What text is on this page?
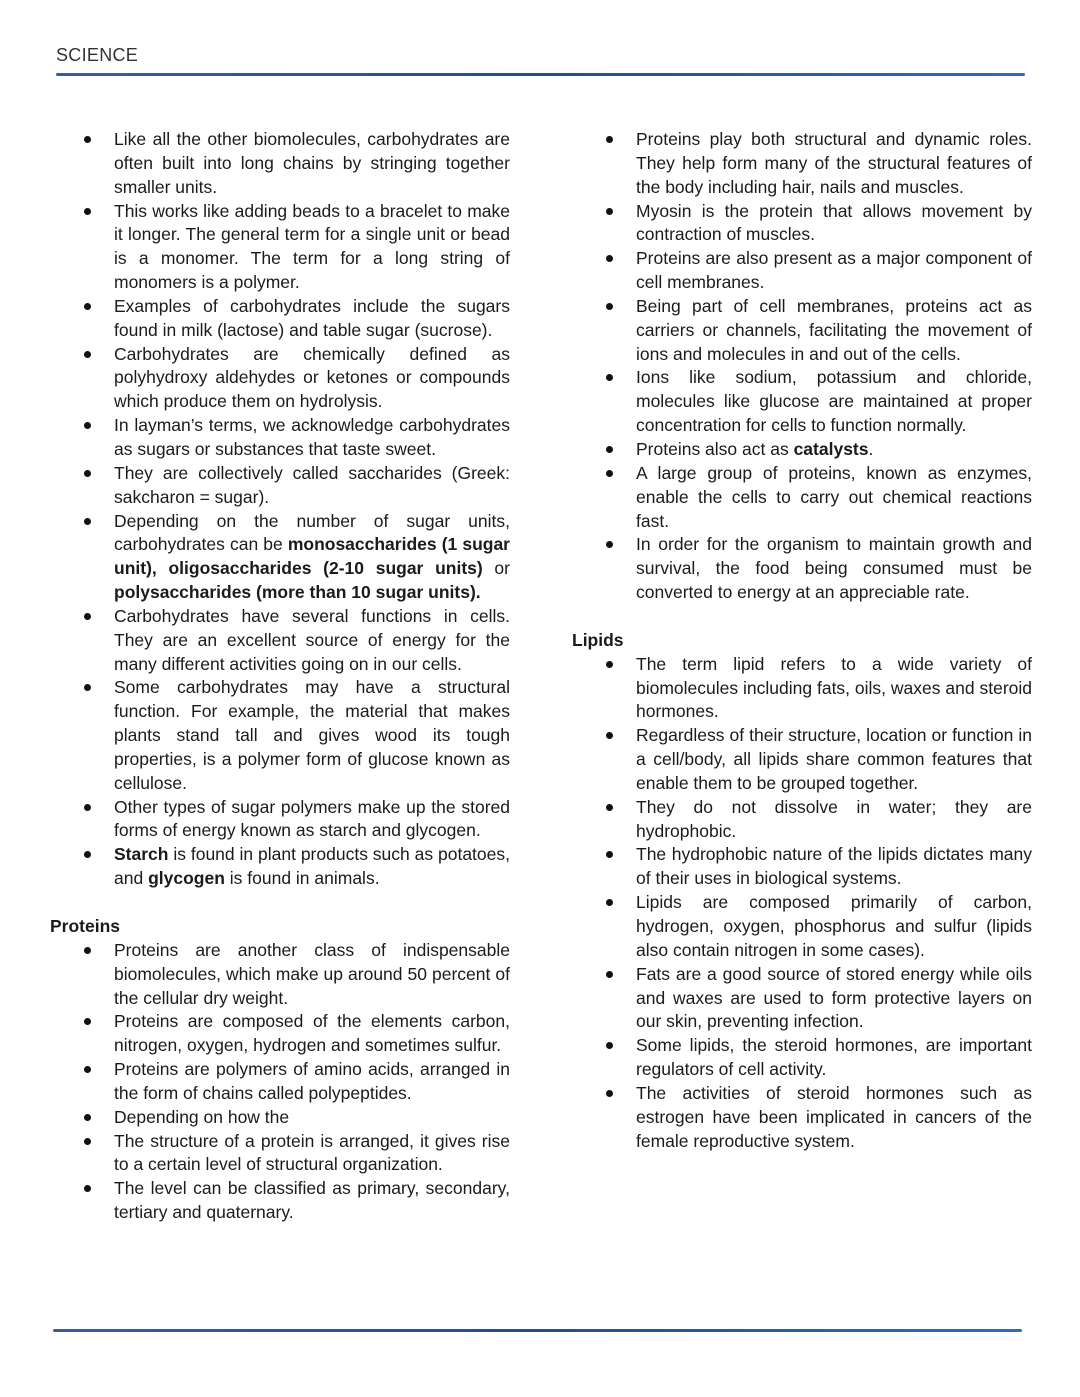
SCIENCE
Like all the other biomolecules, carbohydrates are often built into long chains by stringing together smaller units.
This works like adding beads to a bracelet to make it longer. The general term for a single unit or bead is a monomer. The term for a long string of monomers is a polymer.
Examples of carbohydrates include the sugars found in milk (lactose) and table sugar (sucrose).
Carbohydrates are chemically defined as polyhydroxy aldehydes or ketones or compounds which produce them on hydrolysis.
In layman’s terms, we acknowledge carbohydrates as sugars or substances that taste sweet.
They are collectively called saccharides (Greek: sakcharon = sugar).
Depending on the number of sugar units, carbohydrates can be monosaccharides (1 sugar unit), oligosaccharides (2-10 sugar units) or polysaccharides (more than 10 sugar units).
Carbohydrates have several functions in cells. They are an excellent source of energy for the many different activities going on in our cells.
Some carbohydrates may have a structural function. For example, the material that makes plants stand tall and gives wood its tough properties, is a polymer form of glucose known as cellulose.
Other types of sugar polymers make up the stored forms of energy known as starch and glycogen.
Starch is found in plant products such as potatoes, and glycogen is found in animals.
Proteins
Proteins are another class of indispensable biomolecules, which make up around 50 percent of the cellular dry weight.
Proteins are composed of the elements carbon, nitrogen, oxygen, hydrogen and sometimes sulfur.
Proteins are polymers of amino acids, arranged in the form of chains called polypeptides.
Depending on how the
The structure of a protein is arranged, it gives rise to a certain level of structural organization.
The level can be classified as primary, secondary, tertiary and quaternary.
Proteins play both structural and dynamic roles. They help form many of the structural features of the body including hair, nails and muscles.
Myosin is the protein that allows movement by contraction of muscles.
Proteins are also present as a major component of cell membranes.
Being part of cell membranes, proteins act as carriers or channels, facilitating the movement of ions and molecules in and out of the cells.
Ions like sodium, potassium and chloride, molecules like glucose are maintained at proper concentration for cells to function normally.
Proteins also act as catalysts.
A large group of proteins, known as enzymes, enable the cells to carry out chemical reactions fast.
In order for the organism to maintain growth and survival, the food being consumed must be converted to energy at an appreciable rate.
Lipids
The term lipid refers to a wide variety of biomolecules including fats, oils, waxes and steroid hormones.
Regardless of their structure, location or function in a cell/body, all lipids share common features that enable them to be grouped together.
They do not dissolve in water; they are hydrophobic.
The hydrophobic nature of the lipids dictates many of their uses in biological systems.
Lipids are composed primarily of carbon, hydrogen, oxygen, phosphorus and sulfur (lipids also contain nitrogen in some cases).
Fats are a good source of stored energy while oils and waxes are used to form protective layers on our skin, preventing infection.
Some lipids, the steroid hormones, are important regulators of cell activity.
The activities of steroid hormones such as estrogen have been implicated in cancers of the female reproductive system.
